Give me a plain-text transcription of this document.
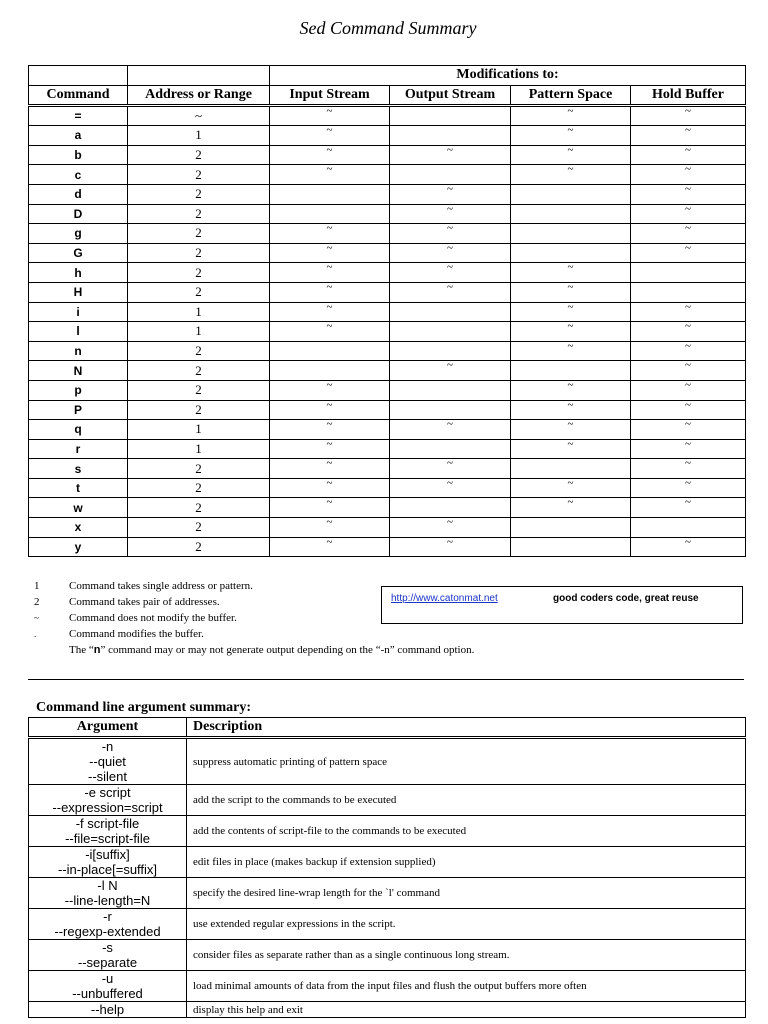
Sed Command Summary
		Modifications to:			
Command	Address or Range	Input Stream	Output Stream	Pattern Space	Hold Buffer
=	~	~		~	~
a	1	~		~	~
b	2	~	~	~	~
c	2	~		~	~
d	2		~		~
D	2		~		~
g	2	~	~		~
G	2	~	~		~
h	2	~	~	~	
H	2	~	~	~	
i	1	~		~	~
l	1	~		~	~
n	2			~	~
N	2		~		~
p	2	~		~	~
P	2	~		~	~
q	1	~	~	~	~
r	1	~		~	~
s	2	~	~		~
t	2	~	~	~	~
w	2	~		~	~
x	2	~	~		
y	2	~	~		~
1	Command takes single address or pattern.
2	Command takes pair of addresses.
~	Command does not modify the buffer.
.	Command modifies the buffer.
The “n” command may or may not generate output depending on the “-n” command option.
http://www.catonmat.net	good coders code, great reuse
Command line argument summary:
Argument	Description

-n
--quiet
--silent	suppress automatic printing of pattern space

-e script
--expression=script	add the script to the commands to be executed

-f script-file
--file=script-file	add the contents of script-file to the commands to be executed

-i[suffix]
--in-place[=suffix]	edit files in place (makes backup if extension supplied)

-l N
--line-length=N	specify the desired line-wrap length for the `l' command

-r
--regexp-extended	use extended regular expressions in the script.

-s
--separate	consider files as separate rather than as a single continuous long stream.

-u
--unbuffered	load minimal amounts of data from the input files and flush the output buffers more often

--help	display this help and exit
